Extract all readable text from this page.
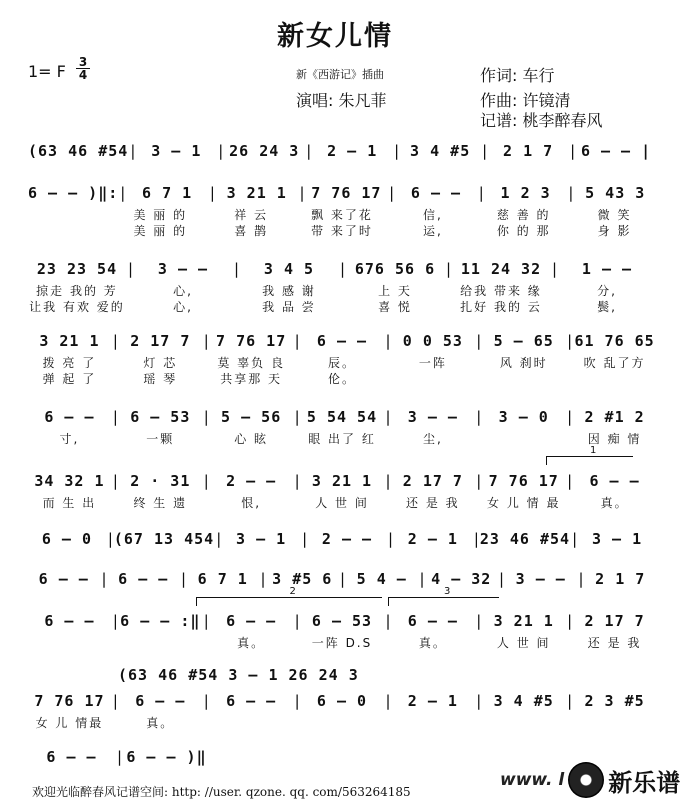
新女儿情
1= F 3
4	新《西游记》插曲
演唱: 朱凡菲
作词: 车行
作曲: 许镜清
记谱: 桃李醉春风
(63 46 #54 | 3 – 1 | 26 24 3 | 2 – 1 | 3 4 #5 | 2 1 7 | 6 – – |
6 – – )‖: | 6 7 1	| 3 21 1 | 7 76 17 | 6 – –	| 1 2 3	| 5 43 3
美 丽 的	祥 云	飘 来了花	信,	慈 善 的	微 笑
美 丽 的	喜 鹊	带 来了时	运,	你 的 那	身 影
23 23 54 |	3 – –	|	3 4 5	| 676 56 6 | 11 24 32 |	1 – –
掠走 我的 芳	心,	我 感 谢	上 天	给我 带来 缘	分,
让我 有欢 爱的	心,	我 品 尝	喜 悦	扎好 我的 云	鬓,
3 21 1 | 2 17 7 | 7 76 17 | 6 – –	| 0 0 53 | 5 – 65 | 61 76 65
拨 亮 了	灯 芯	莫 辜负 良	辰。	一阵	风 刹时	吹 乱了方
弹 起 了	瑶 琴	共享那 天	伦。
6 – –	| 6 – 53 | 5 – 56 | 5 54 54 | 3 – –	| 3 – 0	| 2 #1 2
寸,	一颗	心 眩	眼 出了 红	尘,	因 痴 情
34 32 1 | 2 · 31 | 2 – –	| 3 21 1 | 2 17 7 | 7 76 17 | 6 – –
而 生 出	终 生 遗	恨,	人 世 间	还 是 我	女 儿 情 最	真。
6 – 0 |
(67 13 454 | 3 – 1 | 2 – – | 2 – 1 |
23 46 #54 | 3 – 1
6 – – | 6 – – | 6 7 1 | 3 #5 6 | 5 4 – | 4 – 32 | 3 – – | 2 1 7
6 – –	| 6 – – :‖ | 6 – –	| 6 – 53 | 6 – –	| 3 21 1 | 2 17 7
真。	一阵 D.S	真。	人 世 间	还 是 我
7 76 17 | 6 – –	| 6 – –	| 6 – 0	| 2 – 1	| 3 4 #5 | 2 3 #5
女 儿 情最	真。
6 – –	| 6 – – )‖
1
2	3
(63 46 #54 3 – 1 26 24 3
欢迎光临醉春风记谱空间: http: //user. qzone. qq. com/563264185
www. l 新乐谱
